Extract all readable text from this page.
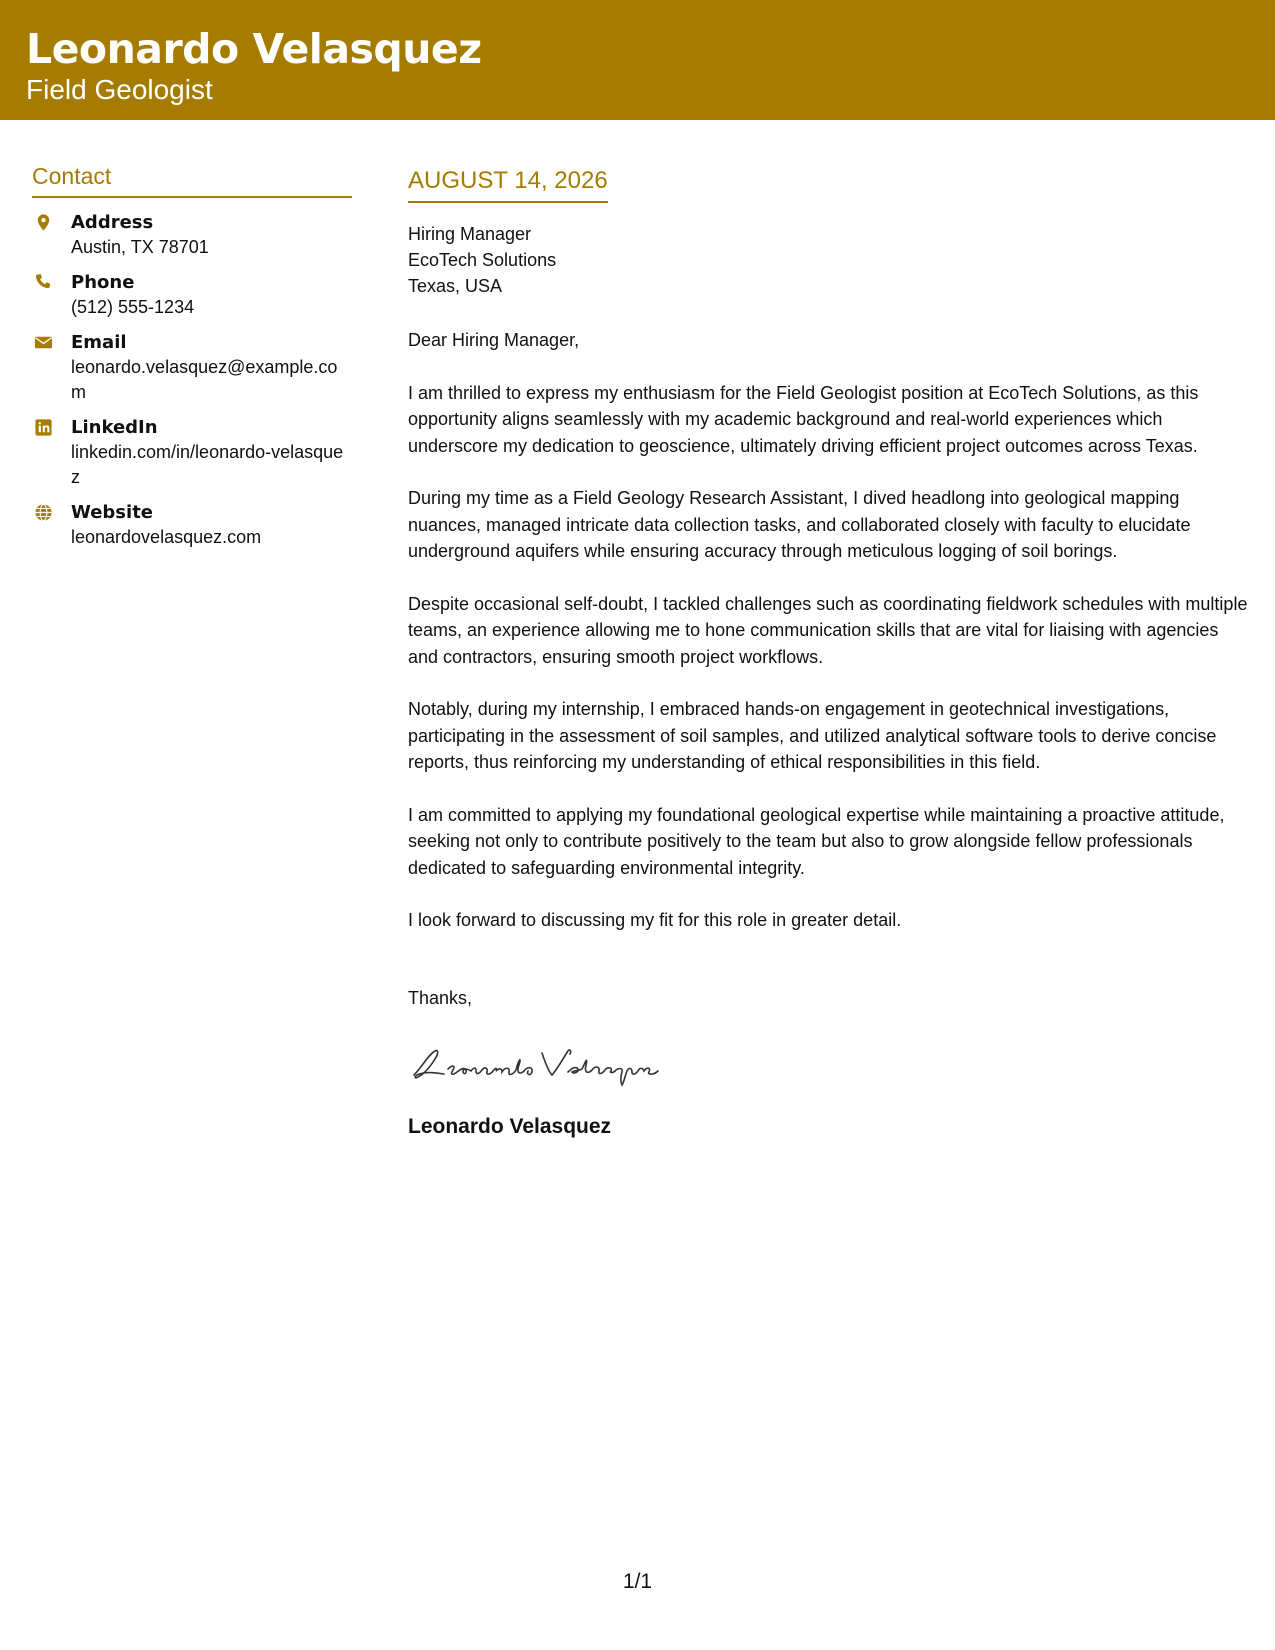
Leonardo Velasquez
Field Geologist
Contact
Address
Austin, TX 78701
Phone
(512) 555-1234
Email
leonardo.velasquez@example.com
LinkedIn
linkedin.com/in/leonardo-velasquez
Website
leonardovelasquez.com
AUGUST 14, 2026
Hiring Manager
EcoTech Solutions
Texas, USA
Dear Hiring Manager,
I am thrilled to express my enthusiasm for the Field Geologist position at EcoTech Solutions, as this opportunity aligns seamlessly with my academic background and real-world experiences which underscore my dedication to geoscience, ultimately driving efficient project outcomes across Texas.
During my time as a Field Geology Research Assistant, I dived headlong into geological mapping nuances, managed intricate data collection tasks, and collaborated closely with faculty to elucidate underground aquifers while ensuring accuracy through meticulous logging of soil borings.
Despite occasional self-doubt, I tackled challenges such as coordinating fieldwork schedules with multiple teams, an experience allowing me to hone communication skills that are vital for liaising with agencies and contractors, ensuring smooth project workflows.
Notably, during my internship, I embraced hands-on engagement in geotechnical investigations, participating in the assessment of soil samples, and utilized analytical software tools to derive concise reports, thus reinforcing my understanding of ethical responsibilities in this field.
I am committed to applying my foundational geological expertise while maintaining a proactive attitude, seeking not only to contribute positively to the team but also to grow alongside fellow professionals dedicated to safeguarding environmental integrity.
I look forward to discussing my fit for this role in greater detail.
Thanks,
Leonardo Velasquez
1/1
